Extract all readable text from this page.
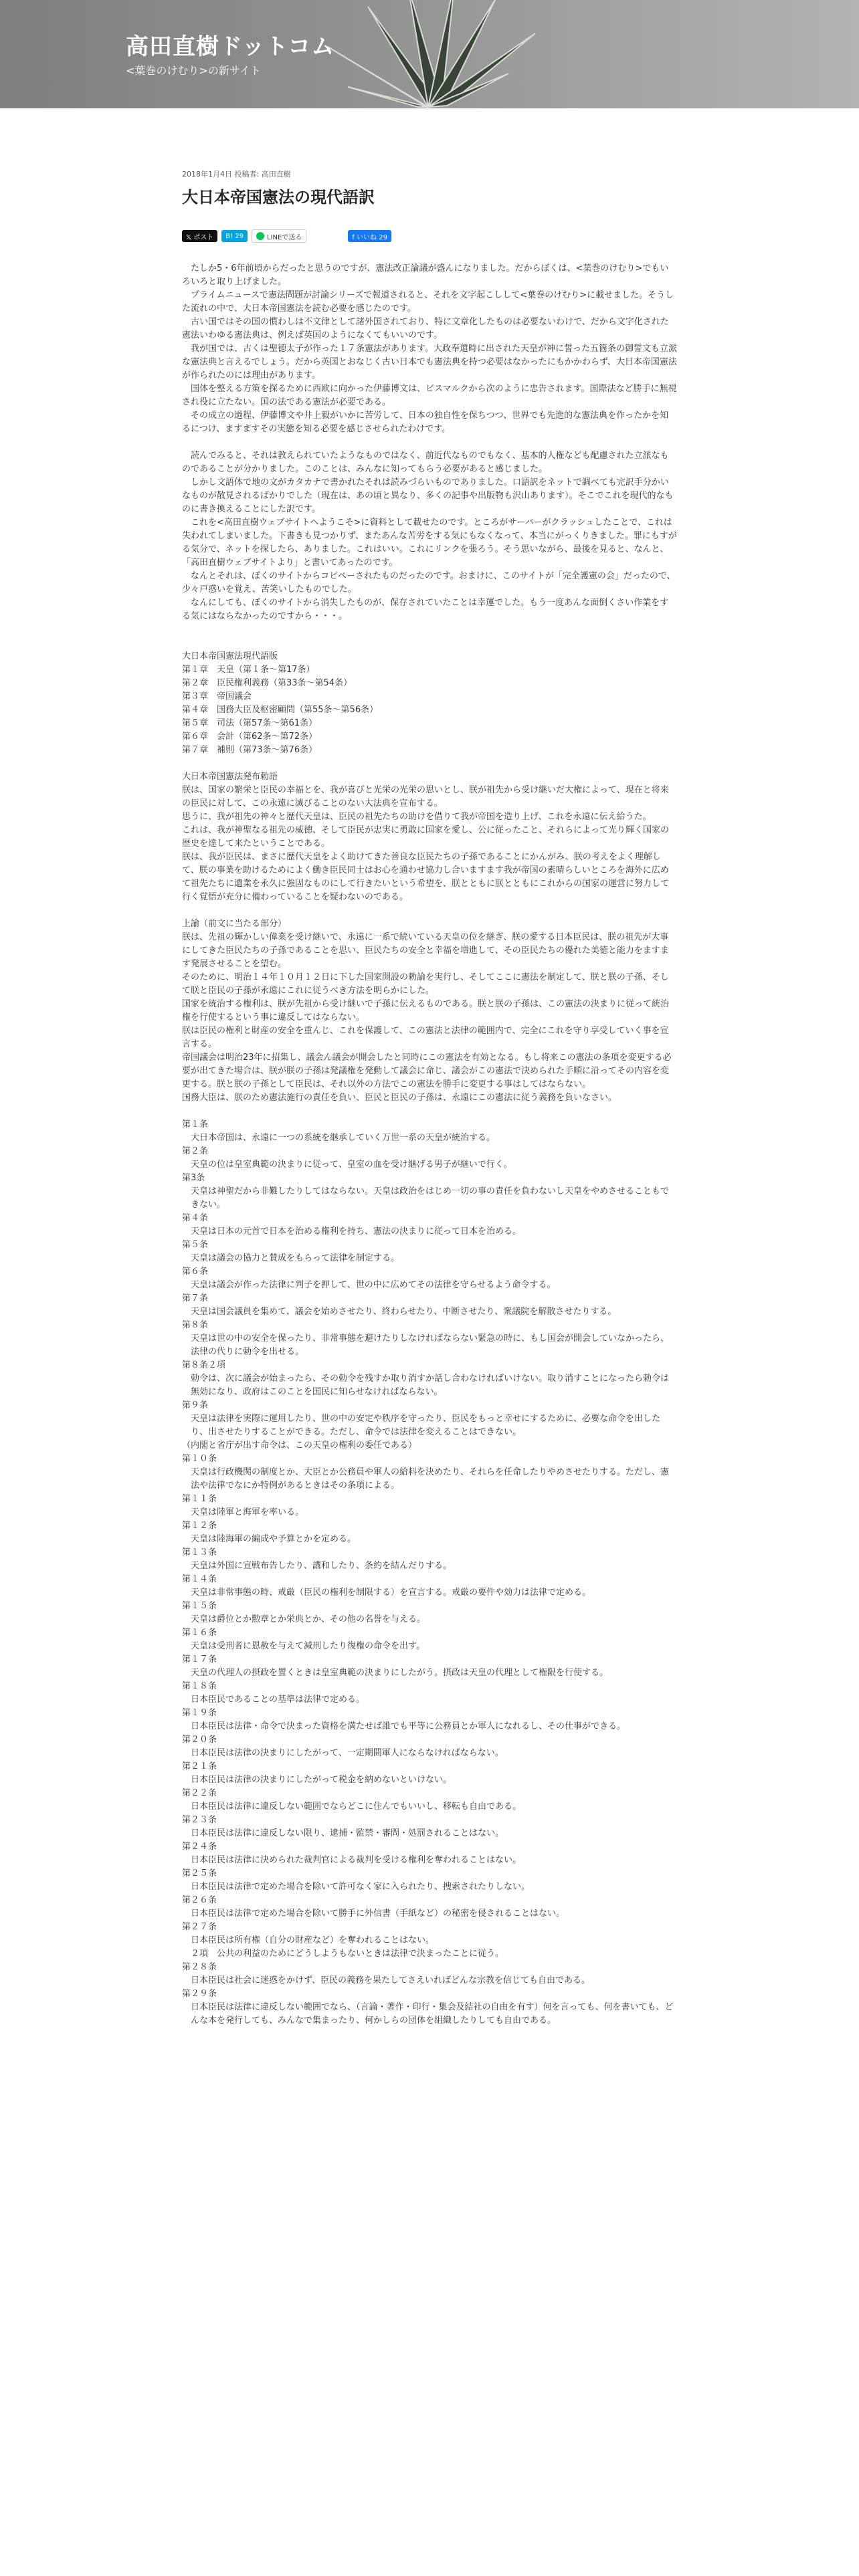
高田直樹ドットコム
<葉巻のけむり>の新サイト
2018年1月4日 投稿者: 高田直樹
大日本帝国憲法の現代語訳
𝕏 ポスト	B! 29	LINEで送る	f いいね 29

　たしか5・6年前頃からだったと思うのですが、憲法改正論議が盛んになりました。だからぼくは、<葉巻のけむり>でもいろいろと取り上げました。

　プライムニュースで憲法問題が討論シリーズで報道されると、それを文字起こしして<葉巻のけむり>に載せました。そうした流れの中で、大日本帝国憲法を読む必要を感じたのです。

　古い国ではその国の慣わしは不文律として諸外国されており、特に文章化したものは必要ないわけで、だから文字化された憲法いわゆる憲法典は、例えば英国のようになくてもいいのです。

　我が国では、古くは聖徳太子が作った１７条憲法があります。大政奉還時に出された天皇が神に誓った五箇条の御誓文も立派な憲法典と言えるでしょう。だから英国とおなじく古い日本でも憲法典を持つ必要はなかったにもかかわらず、大日本帝国憲法が作られたのには理由があります。

　国体を整える方策を探るために西欧に向かった伊藤博文は、ビスマルクから次のように忠告されます。国際法など勝手に無視され役に立たない。国の法である憲法が必要である。

　その成立の過程、伊藤博文や井上毅がいかに苦労して、日本の独自性を保ちつつ、世界でも先進的な憲法典を作ったかを知るにつけ、ますますその実態を知る必要を感じさせられたわけです。

　読んでみると、それは教えられていたようなものではなく、前近代なものでもなく、基本的人権なども配慮された立派なものであることが分かりました。このことは、みんなに知ってもらう必要があると感じました。

　しかし文語体で地の文がカタカナで書かれたそれは読みづらいものでありました。口語訳をネットで調べても完訳手分かいなものが散見されるばかりでした（現在は、あの頃と異なり、多くの記事や出版物も沢山あります）。そこでこれを現代的なものに書き換えることにした訳です。

　これを<高田直樹ウェブサイトへようこそ>に資料として載せたのです。ところがサーバーがクラッシュしたことで、これは失われてしまいました。下書きも見つかりず、またあんな苦労をする気にもなくなって、本当にがっくりきました。罪にもすがる気分で、ネットを探したら、ありました。これはいい。これにリンクを張ろう。そう思いながら、最後を見ると、なんと、「高田直樹ウェブサイトより」と書いてあったのです。

　なんとそれは、ぼくのサイトからコピペーされたものだったのです。おまけに、このサイトが「完全護憲の会」だったので、少々戸惑いを覚え、苦笑いしたものでした。

　なんにしても、ぼくのサイトから消失したものが、保存されていたことは幸運でした。もう一度あんな面倒くさい作業をする気にはならなかったのですから・・・。

大日本帝国憲法現代語版

第１章　天皇（第１条～第17条）

第２章　臣民権利義務（第33条～第54条）

第３章　帝国議会

第４章　国務大臣及枢密顧問（第55条～第56条）

第５章　司法（第57条～第61条）

第６章　会計（第62条～第72条）

第７章　補則（第73条～第76条）

大日本帝国憲法発布勅語

朕は、国家の繁栄と臣民の幸福とを、我が喜びと光栄の光栄の思いとし、朕が祖先から受け継いだ大権によって、現在と将来の臣民に対して、この永遠に滅びることのない大法典を宣布する。

思うに、我が祖先の神々と歴代天皇は、臣民の祖先たちの助けを借りて我が帝国を造り上げ、これを永遠に伝え給うた。

これは、我が神聖なる祖先の威徳、そして臣民が忠実に勇敢に国家を愛し、公に従ったこと、それらによって光り輝く国家の歴史を達して来たということである。

朕は、我が臣民は、まさに歴代天皇をよく助けてきた善良な臣民たちの子孫であることにかんがみ、朕の考えをよく理解して、朕の事業を助けるためによく働き臣民同士はお心を通わせ協力し合いますます我が帝国の素晴らしいところを海外に広めて祖先たちに遺業を永久に強固なものにして行きたいという希望を、朕とともに朕とともにこれからの国家の運営に努力して行く覚悟が充分に備わっていることを疑わないのである。

上諭（前文に当たる部分）

朕は、先祖の輝かしい偉業を受け継いで、永遠に一系で続いている天皇の位を継ぎ、朕の愛する日本臣民は、朕の祖先が大事にしてきた臣民たちの子孫であることを思い、臣民たちの安全と幸福を増進して、その臣民たちの優れた美徳と能力をますます発展させることを望む。

そのために、明治１４年１０月１２日に下した国家開設の勅論を実行し、そしてここに憲法を制定して、朕と朕の子孫、そして朕と臣民の子孫が永遠にこれに従うべき方法を明らかにした。

国家を統治する権利は、朕が先祖から受け継いで子孫に伝えるものである。朕と朕の子孫は、この憲法の決まりに従って統治権を行使するという事に違反してはならない。

朕は臣民の権利と財産の安全を重んじ、これを保護して、この憲法と法律の範囲内で、完全にこれを守り享受していく事を宣言する。

帝国議会は明治23年に招集し、議会ん議会が開会したと同時にこの憲法を有効となる。もし将来この憲法の条項を変更する必要が出てきた場合は、朕が朕の子孫は発議権を発動して議会に命じ、議会がこの憲法で決められた手順に沿ってその内容を変更する。朕と朕の子孫として臣民は、それ以外の方法でこの憲法を勝手に変更する事はしてはならない。

国務大臣は、朕のため憲法施行の責任を負い、臣民と臣民の子孫は、永遠にこの憲法に従う義務を負いなさい。

第１条

大日本帝国は、永遠に一つの系統を継承していく万世一系の天皇が統治する。

第２条

天皇の位は皇室典範の決まりに従って、皇室の血を受け継げる男子が継いで行く。

第3条

天皇は神聖だから非難したりしてはならない。天皇は政治をはじめ一切の事の責任を負わないし天皇をやめさせることもできない。

第４条

天皇は日本の元首で日本を治める権利を持ち、憲法の決まりに従って日本を治める。

第５条

天皇は議会の協力と賛成をもらって法律を制定する。

第６条

天皇は議会が作った法律に判子を押して、世の中に広めてその法律を守らせるよう命令する。

第７条

天皇は国会議員を集めて、議会を始めさせたり、終わらせたり、中断させたり、衆議院を解散させたりする。

第８条

天皇は世の中の安全を保ったり、非常事態を避けたりしなければならない緊急の時に、もし国会が開会していなかったら、法律の代りに勅令を出せる。

第８条２項

勅令は、次に議会が始まったら、その勅令を残すか取り消すか話し合わなければいけない。取り消すことになったら勅令は無効になり、政府はこのことを国民に知らせなければならない。

第９条

天皇は法律を実際に運用したり、世の中の安定や秩序を守ったり、臣民をもっと幸せにするために、必要な命令を出したり、出させたりすることができる。ただし、命令では法律を変えることはできない。

（内閣と省庁が出す命令は、この天皇の権利の委任である）

第１０条

天皇は行政機関の制度とか、大臣とか公務員や軍人の給料を決めたり、それらを任命したりやめさせたりする。ただし、憲法や法律でなにか特例があるときはその条項による。

第１１条

天皇は陸軍と海軍を率いる。

第１２条

天皇は陸海軍の編成や予算とかを定める。

第１３条

天皇は外国に宣戦布告したり、講和したり、条約を結んだりする。

第１４条

天皇は非常事態の時、戒厳（臣民の権利を制限する）を宣言する。戒厳の要件や効力は法律で定める。

第１５条

天皇は爵位とか勲章とか栄典とか、その他の名誉を与える。

第１６条

天皇は受刑者に恩赦を与えて減刑したり復権の命令を出す。

第１７条

天皇の代理人の摂政を置くときは皇室典範の決まりにしたがう。摂政は天皇の代理として権限を行使する。

第１８条

日本臣民であることの基準は法律で定める。

第１９条

日本臣民は法律・命令で決まった資格を満たせば誰でも平等に公務員とか軍人になれるし、その仕事ができる。

第２０条

日本臣民は法律の決まりにしたがって、一定期間軍人にならなければならない。

第２１条

日本臣民は法律の決まりにしたがって税金を納めないといけない。

第２２条

日本臣民は法律に違反しない範囲でならどこに住んでもいいし、移転も自由である。

第２３条

日本臣民は法律に違反しない限り、逮捕・監禁・審問・処罰されることはない。

第２４条

日本臣民は法律に決められた裁判官による裁判を受ける権利を奪われることはない。

第２５条

日本臣民は法律で定めた場合を除いて許可なく家に入られたり、捜索されたりしない。

第２６条

日本臣民は法律で定めた場合を除いて勝手に外信書（手紙など）の秘密を侵されることはない。

第２７条

日本臣民は所有権（自分の財産など）を奪われることはない。

２項　公共の利益のためにどうしようもないときは法律で決まったことに従う。

第２８条

日本臣民は社会に迷惑をかけず、臣民の義務を果たしてさえいればどんな宗教を信じても自由である。

第２９条

日本臣民は法律に違反しない範囲でなら、（言論・著作・印行・集会及結社の自由を有す）何を言っても、何を書いても、どんな本を発行しても、みんなで集まったり、何かしらの団体を組織したりしても自由である。
